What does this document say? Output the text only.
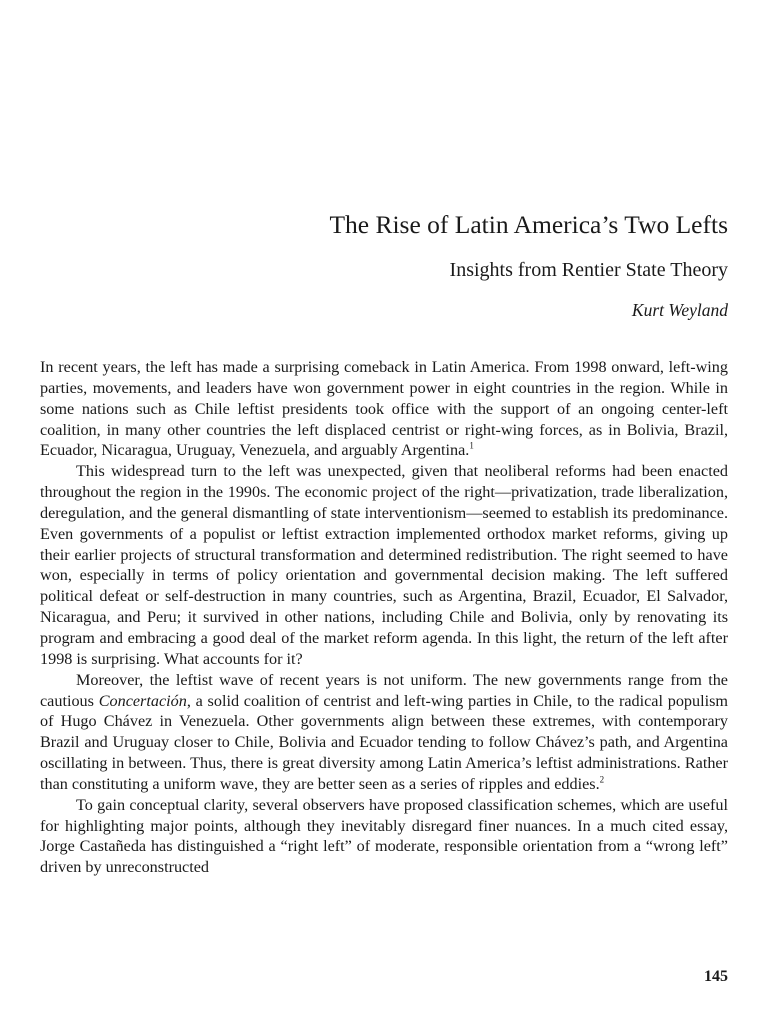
The Rise of Latin America’s Two Lefts
Insights from Rentier State Theory
Kurt Weyland

In recent years, the left has made a surprising comeback in Latin America. From 1998 onward, left-wing parties, movements, and leaders have won government power in eight countries in the region. While in some nations such as Chile leftist presidents took office with the support of an ongoing center-left coalition, in many other countries the left displaced centrist or right-wing forces, as in Bolivia, Brazil, Ecuador, Nicaragua, Uruguay, Venezuela, and arguably Argentina.$^1$

This widespread turn to the left was unexpected, given that neoliberal reforms had been enacted throughout the region in the 1990s. The economic project of the right—privatization, trade liberalization, deregulation, and the general dismantling of state interventionism—seemed to establish its predominance. Even governments of a populist or leftist extraction implemented orthodox market reforms, giving up their earlier projects of structural transformation and determined redistribution. The right seemed to have won, especially in terms of policy orientation and governmental decision making. The left suffered political defeat or self-destruction in many countries, such as Argentina, Brazil, Ecuador, El Salvador, Nicaragua, and Peru; it survived in other nations, including Chile and Bolivia, only by renovating its program and embracing a good deal of the market reform agenda. In this light, the return of the left after 1998 is surprising. What accounts for it?

Moreover, the leftist wave of recent years is not uniform. The new governments range from the cautious Concertación, a solid coalition of centrist and left-wing parties in Chile, to the radical populism of Hugo Chávez in Venezuela. Other governments align between these extremes, with contemporary Brazil and Uruguay closer to Chile, Bolivia and Ecuador tending to follow Chávez’s path, and Argentina oscillating in between. Thus, there is great diversity among Latin America’s leftist administrations. Rather than constituting a uniform wave, they are better seen as a series of ripples and eddies.$^2$

To gain conceptual clarity, several observers have proposed classification schemes, which are useful for highlighting major points, although they inevitably disregard finer nuances. In a much cited essay, Jorge Castañeda has distinguished a “right left” of moderate, responsible orientation from a “wrong left” driven by unreconstructed

145
